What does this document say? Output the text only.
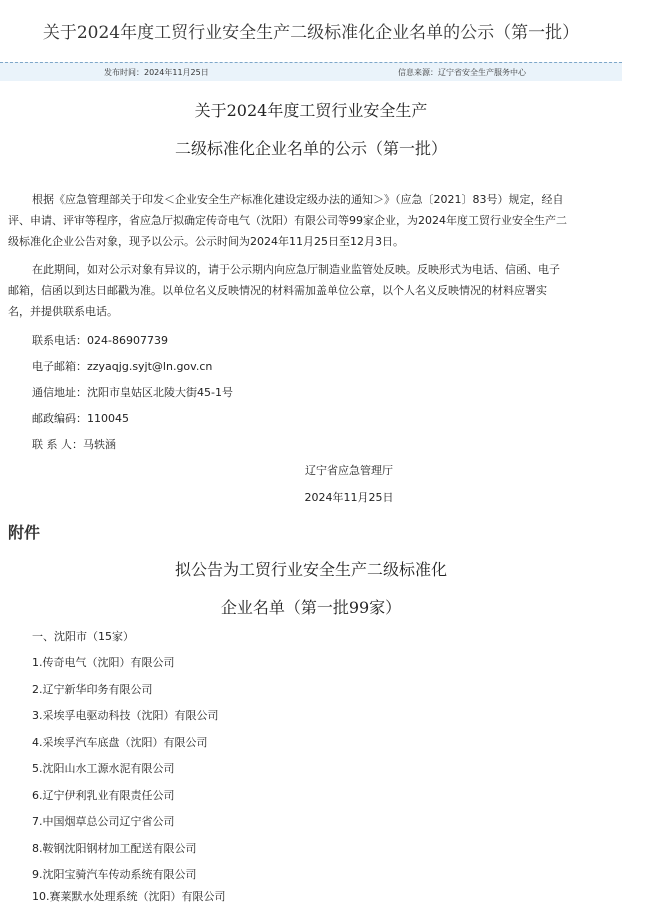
关于2024年度工贸行业安全生产二级标准化企业名单的公示（第一批）
发布时间：2024年11月25日	信息来源：辽宁省安全生产服务中心
关于2024年度工贸行业安全生产
二级标准化企业名单的公示（第一批）
根据《应急管理部关于印发＜企业安全生产标准化建设定级办法的通知＞》（应急〔2021〕83号）规定，经自
评、申请、评审等程序，省应急厅拟确定传奇电气（沈阳）有限公司等99家企业，为2024年度工贸行业安全生产二
级标准化企业公告对象，现予以公示。公示时间为2024年11月25日至12月3日。
在此期间，如对公示对象有异议的，请于公示期内向应急厅制造业监管处反映。反映形式为电话、信函、电子
邮箱，信函以到达日邮戳为准。以单位名义反映情况的材料需加盖单位公章，以个人名义反映情况的材料应署实
名，并提供联系电话。
联系电话：024-86907739
电子邮箱：zzyaqjg.syjt@ln.gov.cn
通信地址：沈阳市皇姑区北陵大街45-1号
邮政编码：110045
联 系 人：马轶涵
辽宁省应急管理厅
2024年11月25日
附件
拟公告为工贸行业安全生产二级标准化
企业名单（第一批99家）
一、沈阳市（15家）
1.传奇电气（沈阳）有限公司
2.辽宁新华印务有限公司
3.采埃孚电驱动科技（沈阳）有限公司
4.采埃孚汽车底盘（沈阳）有限公司
5.沈阳山水工源水泥有限公司
6.辽宁伊利乳业有限责任公司
7.中国烟草总公司辽宁省公司
8.鞍钢沈阳钢材加工配送有限公司
9.沈阳宝骑汽车传动系统有限公司
10.赛莱默水处理系统（沈阳）有限公司
